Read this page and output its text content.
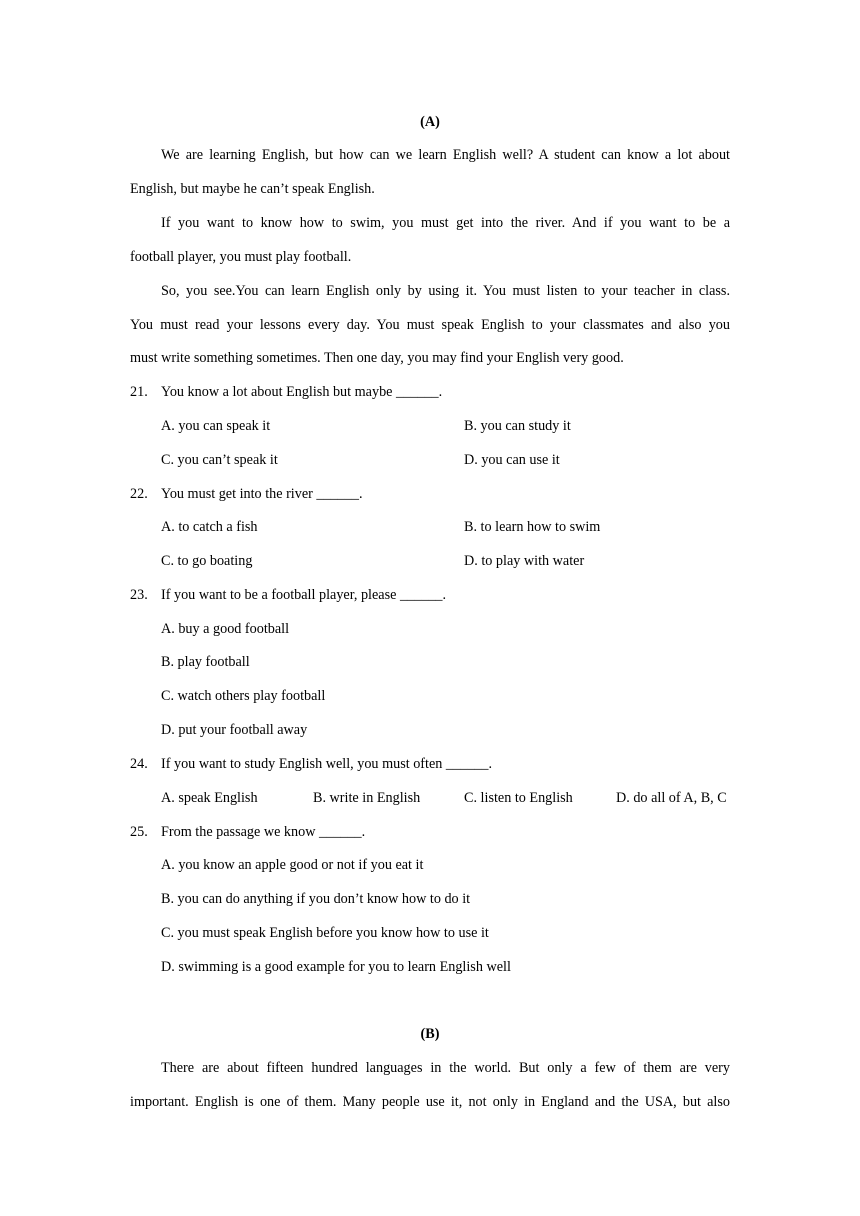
(A)
We are learning English, but how can we learn English well? A student can know a lot about
English, but maybe he can’t speak English.
If you want to know how to swim, you must get into the river. And if you want to be a
football player, you must play football.
So, you see.You can learn English only by using it. You must listen to your teacher in class.
You must read your lessons every day. You must speak English to your classmates and also you
must write something sometimes. Then one day, you may find your English very good.
21. You know a lot about English but maybe ______.
A. you can speak it	B. you can study it
C. you can’t speak it	D. you can use it
22. You must get into the river ______.
A. to catch a fish	B. to learn how to swim
C. to go boating	D. to play with water
23. If you want to be a football player, please ______.
A. buy a good football
B. play football
C. watch others play football
D. put your football away
24. If you want to study English well, you must often ______.
A. speak English	B. write in English	C. listen to English	D. do all of A, B, C
25. From the passage we know ______.
A. you know an apple good or not if you eat it
B. you can do anything if you don’t know how to do it
C. you must speak English before you know how to use it
D. swimming is a good example for you to learn English well
(B)
There are about fifteen hundred languages in the world. But only a few of them are very
important. English is one of them. Many people use it, not only in England and the USA, but also
